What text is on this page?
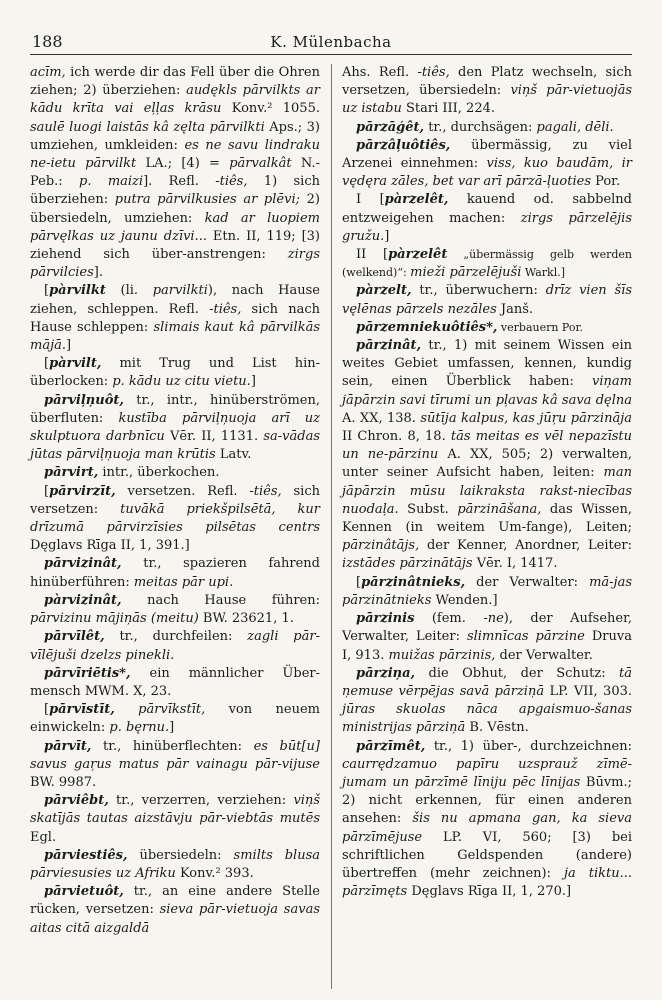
188	K. Mülenbacha

acīm, ich werde dir das Fell über die Ohren ziehen; 2) überziehen: audękls pārvilkts ar kādu krīta vai eļļas krāsu Konv.² 1055. saulē luogi laistās kâ zęlta pārvilkti Aps.; 3) umziehen, umkleiden: es ne savu lindraku ne-ietu pārvilkt LA.; [4) = pārvalkât N.-Peb.: p. maizi]. Refl. -tiês, 1) sich überziehen: putra pārvilkusies ar plēvi; 2) übersiedeln, umziehen: kad ar luopiem pārvęlkas uz jaunu dzīvi... Etn. II, 119; [3) ziehend sich über-anstrengen: zirgs pārvilcies].

[pàrvilkt (li. parvilkti), nach Hause ziehen, schleppen. Refl. -tiês, sich nach Hause schleppen: slimais kaut kâ pārvilkās mājā.]

[pàrvilt, mit Trug und List hin-überlocken: p. kādu uz citu vietu.]

pārviļņuôt, tr., intr., hinüberströmen, überfluten: kustība pārviļņuoja arī uz skulptuora darbnīcu Vēr. II, 1131. sa-vādas jūtas pārviļņuoja man krūtis Latv.

pārvirt, intr., überkochen.

[pārvirzīt, versetzen. Refl. -tiês, sich versetzen: tuvākā priekšpilsētā, kur drīzumā pārvirzīsies pilsētas centrs Dęglavs Rīga II, 1, 391.]

pārvizinât, tr., spazieren fahrend hinüberführen: meitas pār upi.

pàrvizinât, nach Hause führen: pārvizinu mājiņās (meitu) BW. 23621, 1.

pārvīlêt, tr., durchfeilen: zagli pār-vīlējuši dzelzs pinekli.

pārvīriētis*, ein männlicher Über-mensch MWM. X, 23.

[pārvīstīt, pārvīkstīt, von neuem einwickeln: p. bęrnu.]

pārvīt, tr., hinüberflechten: es būt[u] savus gaŗus matus pār vainagu pār-vijuse BW. 9987.

pārviêbt, tr., verzerren, verziehen: viņš skatījās tautas aizstāvju pār-viebtās mutēs Egl.

pārviestiês, übersiedeln: smilts blusa pārviesusies uz Afriku Konv.² 393.

pārvietuôt, tr., an eine andere Stelle rücken, versetzen: sieva pār-vietuoja savas aitas citā aizgaldā

Ahs. Refl. -tiês, den Platz wechseln, sich versetzen, übersiedeln: viņš pār-vietuojās uz istabu Stari III, 224.

pārzāģêt, tr., durchsägen: pagali, dēli.

pārzâļuôtiês, übermässig, zu viel Arzenei einnehmen: viss, kuo baudām, ir vędęra zāles, bet var arī pārzā-ļuoties Por.

I [pàrzelêt, kauend od. sabbelnd entzweigehen machen: zirgs pārzelējis gružu.]

II [pàrzelêt „übermässig gelb werden (welkend)“: mieži pārzelējuši Warkl.]

pàrzelt, tr., überwuchern: drīz vien šīs vęlēnas pārzels nezāles Janš.

pārzemniekuôtiês*, verbauern Por.

pārzinât, tr., 1) mit seinem Wissen ein weites Gebiet umfassen, kennen, kundig sein, einen Überblick haben: viņam jāpārzin savi tīrumi un pļavas kâ sava dęlna A. XX, 138. sūtīja kalpus, kas jūŗu pārzināja II Chron. 8, 18. tās meitas es vēl nepazīstu un ne-pārzinu A. XX, 505; 2) verwalten, unter seiner Aufsicht haben, leiten: man jāpārzin mūsu laikraksta rakst-niecības nuodaļa. Subst. pārzināšana, das Wissen, Kennen (in weitem Um-fange), Leiten; pārzinâtājs, der Kenner, Anordner, Leiter: izstādes pārzinātājs Vēr. I, 1417.

[pārzinâtnieks, der Verwalter: mā-jas pārzinātnieks Wenden.]

pārzinis (fem. -ne), der Aufseher, Verwalter, Leiter: slimnīcas pārzine Druva I, 913. muižas pārzinis, der Verwalter.

pārziņa, die Obhut, der Schutz: tā ņemuse vērpējas savā pārziņā LP. VII, 303. jūras skuolas nāca apgaismuo-šanas ministrijas pārziņā B. Vēstn.

pārzīmêt, tr., 1) über-, durchzeichnen: caurrędzamuo papīru uzsprauž zīmē-jumam un pārzīmē līniju pēc līnijas Būvm.; 2) nicht erkennen, für einen anderen ansehen: šis nu apmana gan, ka sieva pārzīmējuse LP. VI, 560; [3) bei schriftlichen Geldspenden (andere) übertreffen (mehr zeichnen): ja tiktu... pārzīmęts Dęglavs Rīga II, 1, 270.]
